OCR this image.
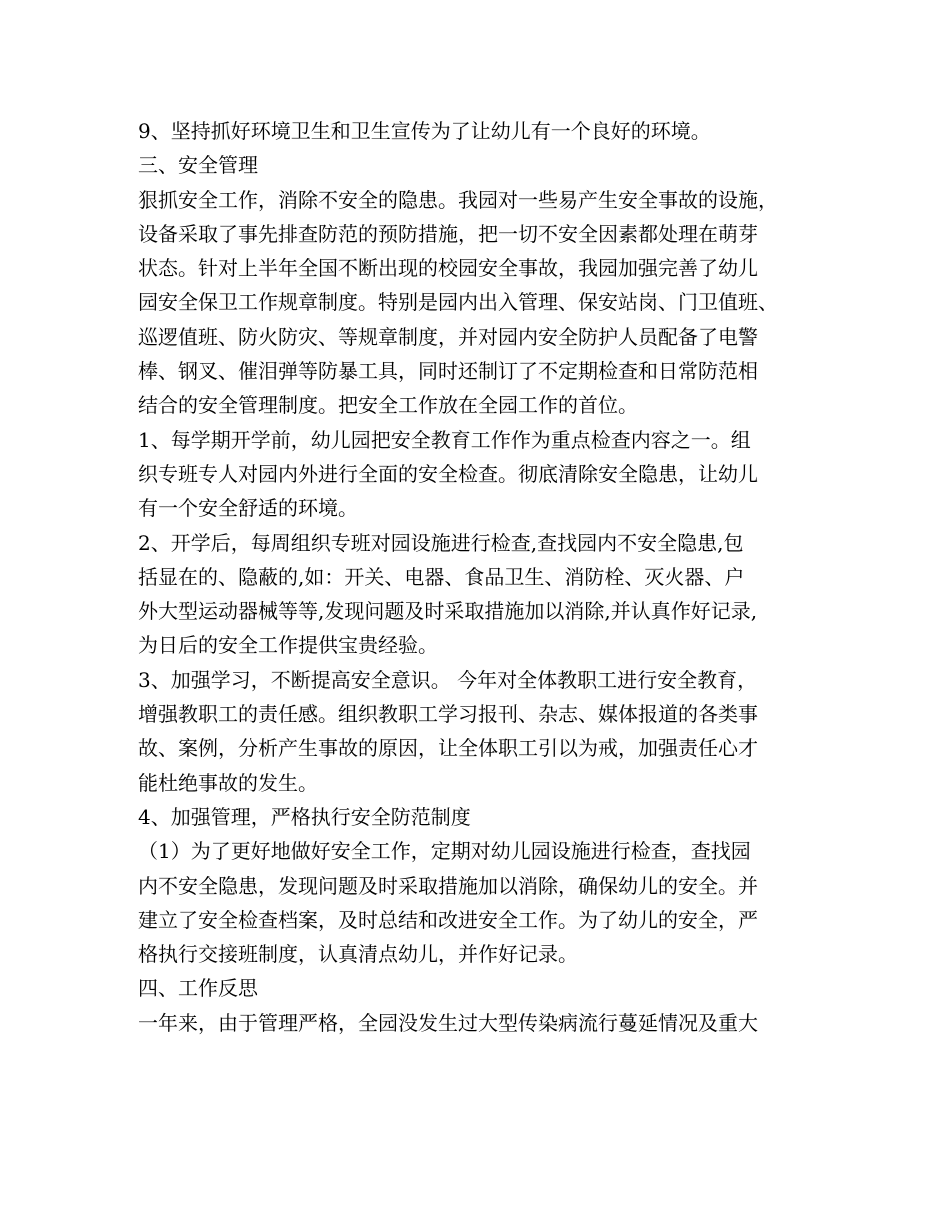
9、坚持抓好环境卫生和卫生宣传为了让幼儿有一个良好的环境。
三、安全管理
狠抓安全工作，消除不安全的隐患。我园对一些易产生安全事故的设施，
设备采取了事先排查防范的预防措施，把一切不安全因素都处理在萌芽
状态。针对上半年全国不断出现的校园安全事故，我园加强完善了幼儿
园安全保卫工作规章制度。特别是园内出入管理、保安站岗、门卫值班、
巡逻值班、防火防灾、等规章制度，并对园内安全防护人员配备了电警
棒、钢叉、催泪弹等防暴工具，同时还制订了不定期检查和日常防范相
结合的安全管理制度。把安全工作放在全园工作的首位。
1、每学期开学前，幼儿园把安全教育工作作为重点检查内容之一。组
织专班专人对园内外进行全面的安全检查。彻底清除安全隐患，让幼儿
有一个安全舒适的环境。
2、开学后，每周组织专班对园设施进行检查,查找园内不安全隐患,包
括显在的、隐蔽的,如：开关、电器、食品卫生、消防栓、灭火器、户
外大型运动器械等等,发现问题及时采取措施加以消除,并认真作好记录,
为日后的安全工作提供宝贵经验。
3、加强学习，不断提高安全意识。 今年对全体教职工进行安全教育，
增强教职工的责任感。组织教职工学习报刊、杂志、媒体报道的各类事
故、案例，分析产生事故的原因，让全体职工引以为戒，加强责任心才
能杜绝事故的发生。
4、加强管理，严格执行安全防范制度
（1）为了更好地做好安全工作，定期对幼儿园设施进行检查，查找园
内不安全隐患，发现问题及时采取措施加以消除，确保幼儿的安全。并
建立了安全检查档案，及时总结和改进安全工作。为了幼儿的安全，严
格执行交接班制度，认真清点幼儿，并作好记录。
四、工作反思
一年来，由于管理严格，全园没发生过大型传染病流行蔓延情况及重大
